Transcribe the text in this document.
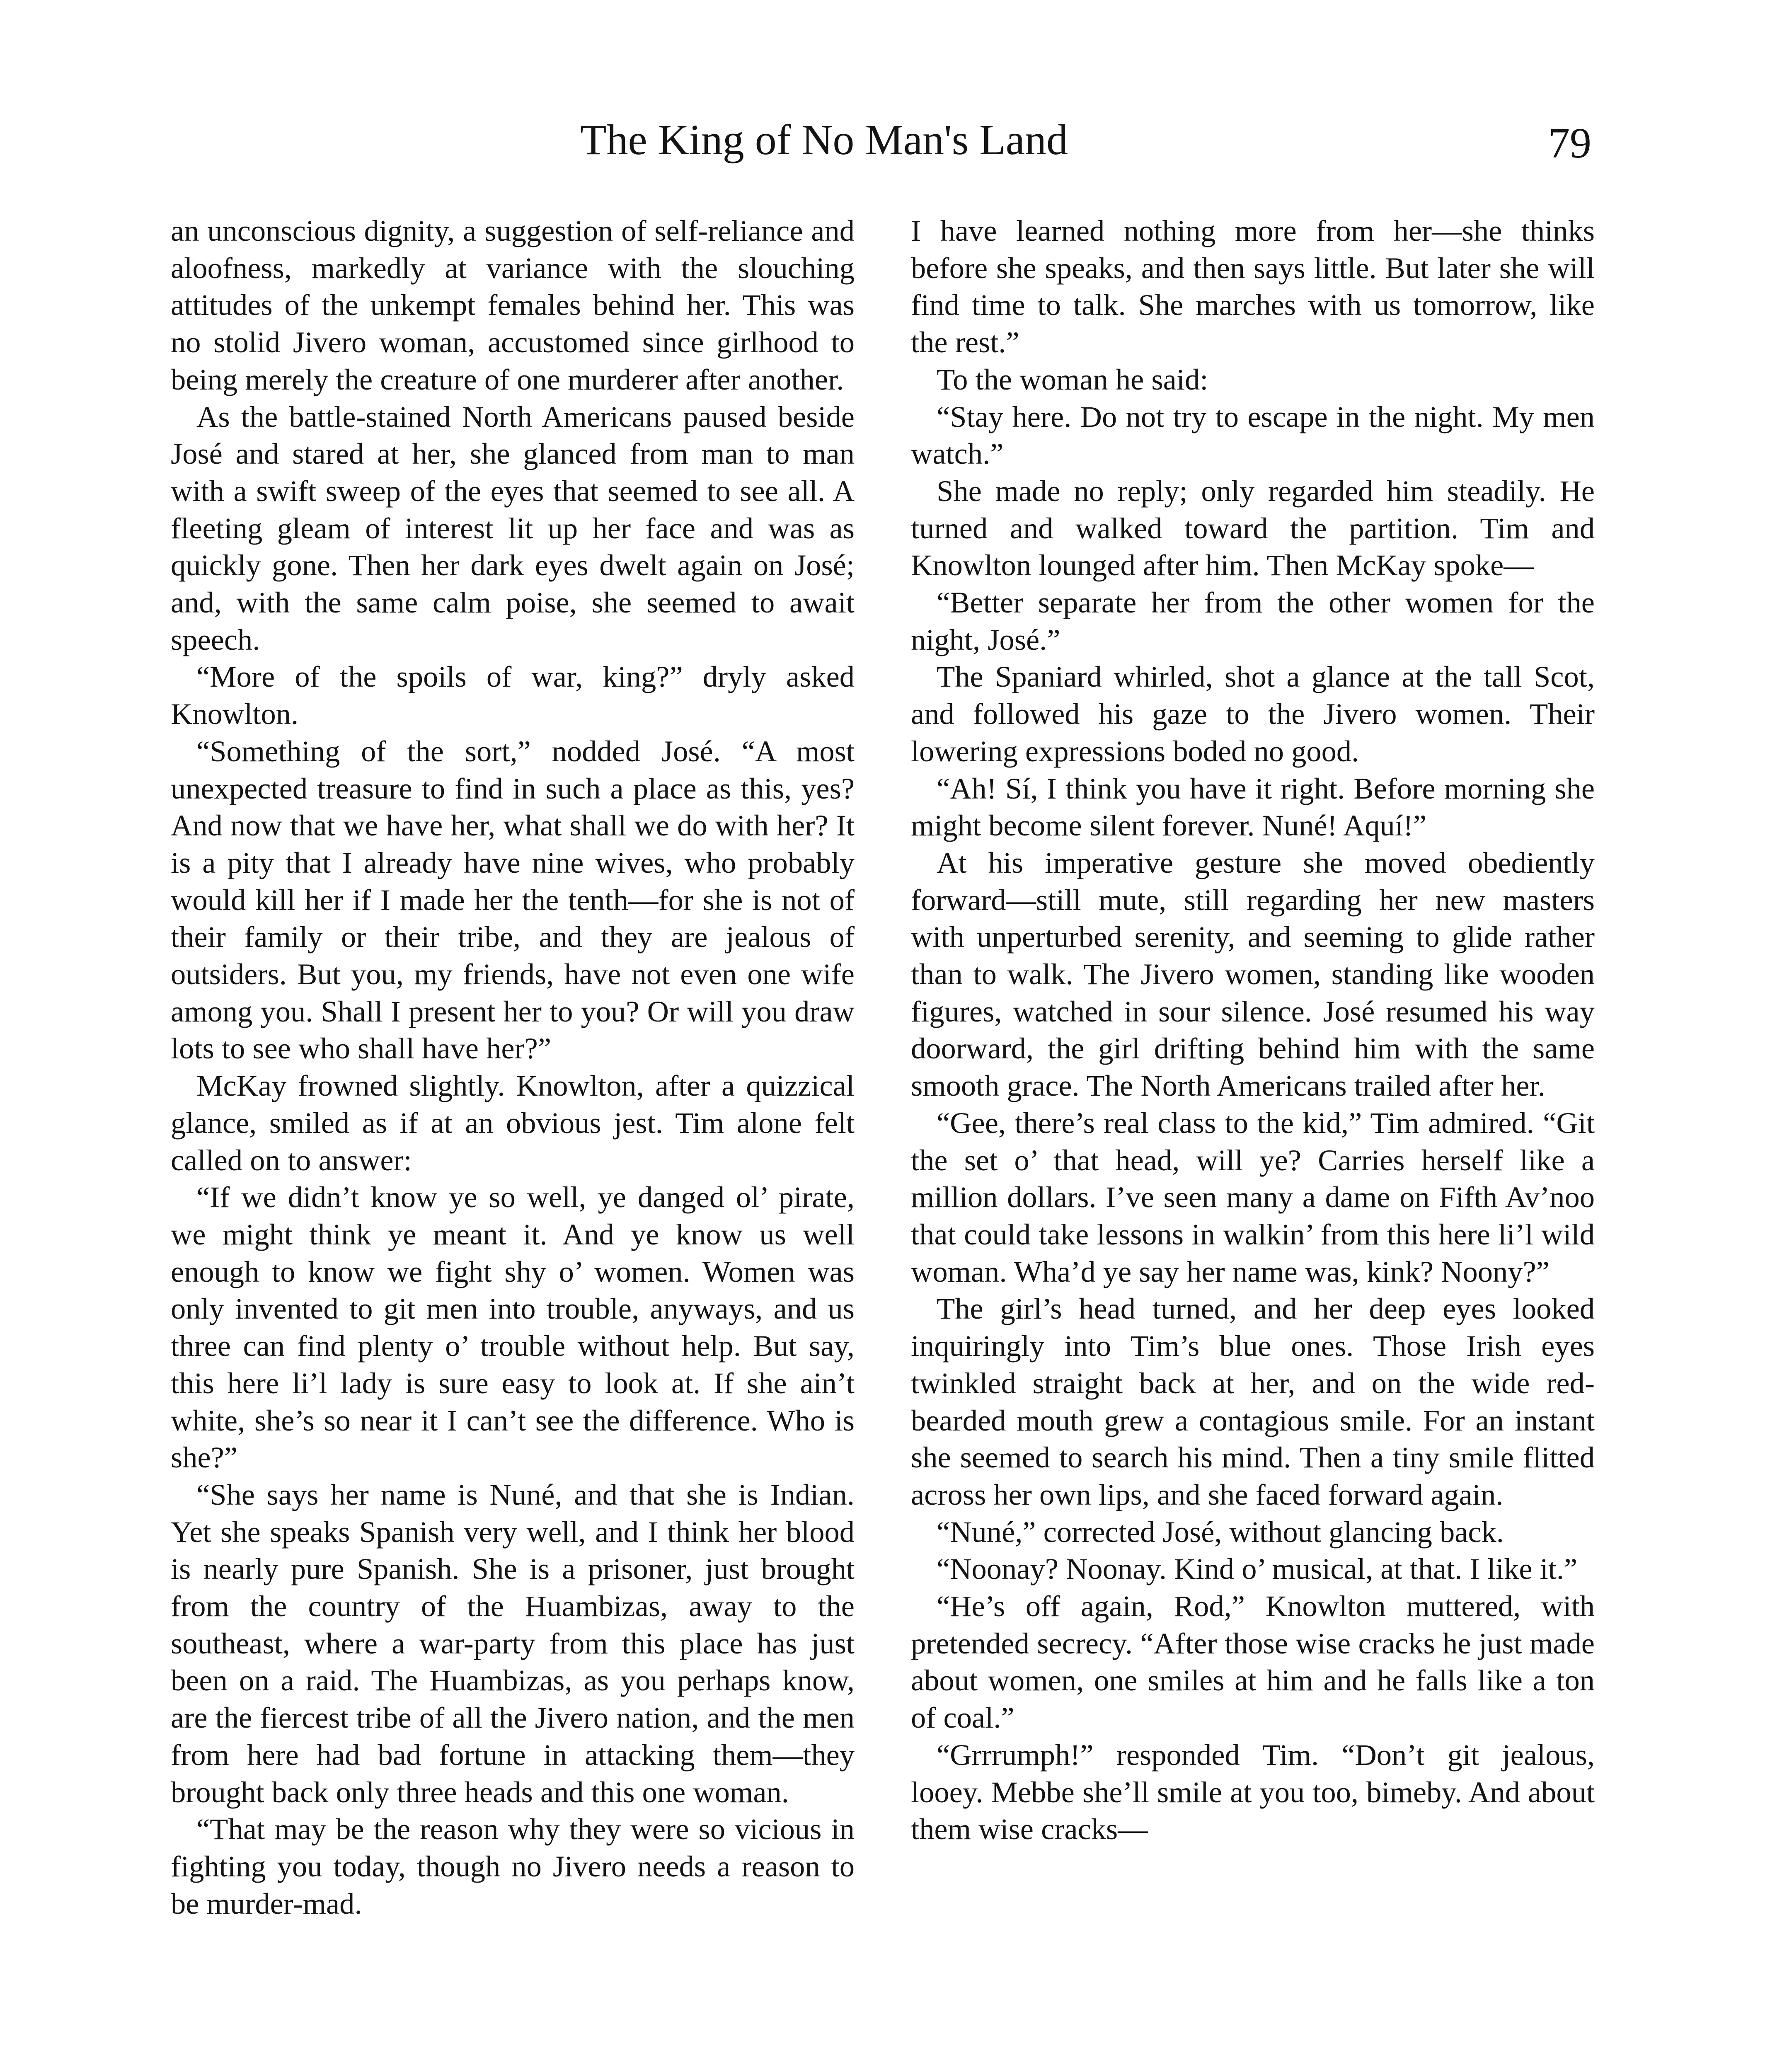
The King of No Man's Land	79

an unconscious dignity, a suggestion of self-reliance and aloofness, markedly at variance with the slouching attitudes of the unkempt females behind her. This was no stolid Jivero woman, accustomed since girlhood to being merely the creature of one murderer after another.

As the battle-stained North Americans paused beside José and stared at her, she glanced from man to man with a swift sweep of the eyes that seemed to see all. A fleeting gleam of interest lit up her face and was as quickly gone. Then her dark eyes dwelt again on José; and, with the same calm poise, she seemed to await speech.

“More of the spoils of war, king?” dryly asked Knowlton.

“Something of the sort,” nodded José. “A most unexpected treasure to find in such a place as this, yes? And now that we have her, what shall we do with her? It is a pity that I already have nine wives, who probably would kill her if I made her the tenth—for she is not of their family or their tribe, and they are jealous of outsiders. But you, my friends, have not even one wife among you. Shall I present her to you? Or will you draw lots to see who shall have her?”

McKay frowned slightly. Knowlton, after a quizzical glance, smiled as if at an obvious jest. Tim alone felt called on to answer:

“If we didn’t know ye so well, ye danged ol’ pirate, we might think ye meant it. And ye know us well enough to know we fight shy o’ women. Women was only invented to git men into trouble, anyways, and us three can find plenty o’ trouble without help. But say, this here li’l lady is sure easy to look at. If she ain’t white, she’s so near it I can’t see the difference. Who is she?”

“She says her name is Nuné, and that she is Indian. Yet she speaks Spanish very well, and I think her blood is nearly pure Spanish. She is a prisoner, just brought from the country of the Huambizas, away to the southeast, where a war-party from this place has just been on a raid. The Huambizas, as you perhaps know, are the fiercest tribe of all the Jivero nation, and the men from here had bad fortune in attacking them—they brought back only three heads and this one woman.

“That may be the reason why they were so vicious in fighting you today, though no Jivero needs a reason to be murder-mad.

I have learned nothing more from her—she thinks before she speaks, and then says little. But later she will find time to talk. She marches with us tomorrow, like the rest.”

To the woman he said:

“Stay here. Do not try to escape in the night. My men watch.”

She made no reply; only regarded him steadily. He turned and walked toward the partition. Tim and Knowlton lounged after him. Then McKay spoke—

“Better separate her from the other women for the night, José.”

The Spaniard whirled, shot a glance at the tall Scot, and followed his gaze to the Jivero women. Their lowering expressions boded no good.

“Ah! Sí, I think you have it right. Before morning she might become silent forever. Nuné! Aquí!”

At his imperative gesture she moved obediently forward—still mute, still regarding her new masters with unperturbed serenity, and seeming to glide rather than to walk. The Jivero women, standing like wooden figures, watched in sour silence. José resumed his way doorward, the girl drifting behind him with the same smooth grace. The North Americans trailed after her.

“Gee, there’s real class to the kid,” Tim admired. “Git the set o’ that head, will ye? Carries herself like a million dollars. I’ve seen many a dame on Fifth Av’noo that could take lessons in walkin’ from this here li’l wild woman. Wha’d ye say her name was, kink? Noony?”

The girl’s head turned, and her deep eyes looked inquiringly into Tim’s blue ones. Those Irish eyes twinkled straight back at her, and on the wide red-bearded mouth grew a contagious smile. For an instant she seemed to search his mind. Then a tiny smile flitted across her own lips, and she faced forward again.

“Nuné,” corrected José, without glancing back.

“Noonay? Noonay. Kind o’ musical, at that. I like it.”

“He’s off again, Rod,” Knowlton muttered, with pretended secrecy. “After those wise cracks he just made about women, one smiles at him and he falls like a ton of coal.”

“Grrrumph!” responded Tim. “Don’t git jealous, looey. Mebbe she’ll smile at you too, bimeby. And about them wise cracks—
